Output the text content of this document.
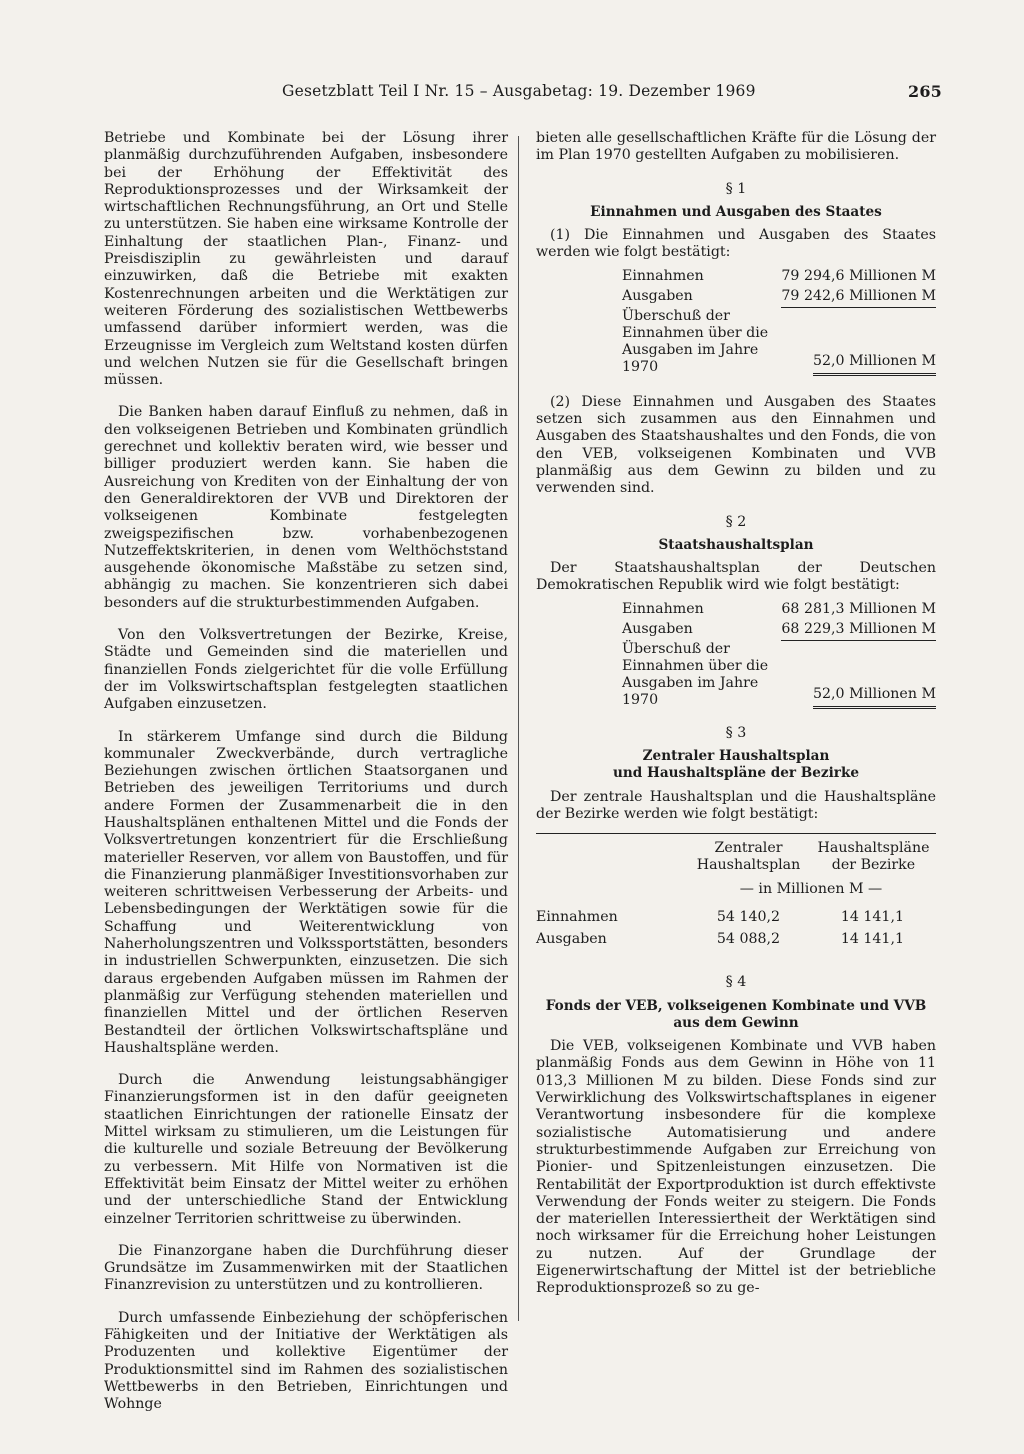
Gesetzblatt Teil I Nr. 15 – Ausgabetag: 19. Dezember 1969	265

Betriebe und Kombinate bei der Lösung ihrer planmäßig durchzuführenden Aufgaben, insbesondere bei der Erhöhung der Effektivität des Reproduktionsprozesses und der Wirksamkeit der wirtschaftlichen Rechnungsführung, an Ort und Stelle zu unterstützen. Sie haben eine wirksame Kontrolle der Einhaltung der staatlichen Plan-, Finanz- und Preisdisziplin zu gewährleisten und darauf einzuwirken, daß die Betriebe mit exakten Kostenrechnungen arbeiten und die Werktätigen zur weiteren Förderung des sozialistischen Wettbewerbs umfassend darüber informiert werden, was die Erzeugnisse im Vergleich zum Weltstand kosten dürfen und welchen Nutzen sie für die Gesellschaft bringen müssen.

Die Banken haben darauf Einfluß zu nehmen, daß in den volkseigenen Betrieben und Kombinaten gründlich gerechnet und kollektiv beraten wird, wie besser und billiger produziert werden kann. Sie haben die Ausreichung von Krediten von der Einhaltung der von den Generaldirektoren der VVB und Direktoren der volkseigenen Kombinate festgelegten zweigspezifischen bzw. vorhabenbezogenen Nutzeffektskriterien, in denen vom Welthöchststand ausgehende ökonomische Maßstäbe zu setzen sind, abhängig zu machen. Sie konzentrieren sich dabei besonders auf die strukturbestimmenden Aufgaben.

Von den Volksvertretungen der Bezirke, Kreise, Städte und Gemeinden sind die materiellen und finanziellen Fonds zielgerichtet für die volle Erfüllung der im Volkswirtschaftsplan festgelegten staatlichen Aufgaben einzusetzen.

In stärkerem Umfange sind durch die Bildung kommunaler Zweckverbände, durch vertragliche Beziehungen zwischen örtlichen Staatsorganen und Betrieben des jeweiligen Territoriums und durch andere Formen der Zusammenarbeit die in den Haushaltsplänen enthaltenen Mittel und die Fonds der Volksvertretungen konzentriert für die Erschließung materieller Reserven, vor allem von Baustoffen, und für die Finanzierung planmäßiger Investitionsvorhaben zur weiteren schrittweisen Verbesserung der Arbeits- und Lebensbedingungen der Werktätigen sowie für die Schaffung und Weiterentwicklung von Naherholungszentren und Volkssportstätten, besonders in industriellen Schwerpunkten, einzusetzen. Die sich daraus ergebenden Aufgaben müssen im Rahmen der planmäßig zur Verfügung stehenden materiellen und finanziellen Mittel und der örtlichen Reserven Bestandteil der örtlichen Volkswirtschaftspläne und Haushaltspläne werden.

Durch die Anwendung leistungsabhängiger Finanzierungsformen ist in den dafür geeigneten staatlichen Einrichtungen der rationelle Einsatz der Mittel wirksam zu stimulieren, um die Leistungen für die kulturelle und soziale Betreuung der Bevölkerung zu verbessern. Mit Hilfe von Normativen ist die Effektivität beim Einsatz der Mittel weiter zu erhöhen und der unterschiedliche Stand der Entwicklung einzelner Territorien schrittweise zu überwinden.

Die Finanzorgane haben die Durchführung dieser Grundsätze im Zusammenwirken mit der Staatlichen Finanzrevision zu unterstützen und zu kontrollieren.

Durch umfassende Einbeziehung der schöpferischen Fähigkeiten und der Initiative der Werktätigen als Produzenten und kollektive Eigentümer der Produktionsmittel sind im Rahmen des sozialistischen Wettbewerbs in den Betrieben, Einrichtungen und Wohnge

bieten alle gesellschaftlichen Kräfte für die Lösung der im Plan 1970 gestellten Aufgaben zu mobilisieren.

§ 1
Einnahmen und Ausgaben des Staates

(1) Die Einnahmen und Ausgaben des Staates werden wie folgt bestätigt:

Einnahmen	79 294,6 Millionen M
Ausgaben	79 242,6 Millionen M
Überschuß der Einnahmen über die Ausgaben im Jahre 1970	52,0 Millionen M

(2) Diese Einnahmen und Ausgaben des Staates setzen sich zusammen aus den Einnahmen und Ausgaben des Staatshaushaltes und den Fonds, die von den VEB, volkseigenen Kombinaten und VVB planmäßig aus dem Gewinn zu bilden und zu verwenden sind.

§ 2
Staatshaushaltsplan

Der Staatshaushaltsplan der Deutschen Demokratischen Republik wird wie folgt bestätigt:

Einnahmen	68 281,3 Millionen M
Ausgaben	68 229,3 Millionen M
Überschuß der Einnahmen über die Ausgaben im Jahre 1970	52,0 Millionen M
§ 3
Zentraler Haushaltsplan
und Haushaltspläne der Bezirke

Der zentrale Haushaltsplan und die Haushaltspläne der Bezirke werden wie folgt bestätigt:

	Zentraler Haushaltsplan	Haushaltspläne der Bezirke
	— in Millionen M —	
Einnahmen	54 140,2	14 141,1
Ausgaben	54 088,2	14 141,1
§ 4
Fonds der VEB, volkseigenen Kombinate und VVB aus dem Gewinn

Die VEB, volkseigenen Kombinate und VVB haben planmäßig Fonds aus dem Gewinn in Höhe von 11 013,3 Millionen M zu bilden. Diese Fonds sind zur Verwirklichung des Volkswirtschaftsplanes in eigener Verantwortung insbesondere für die komplexe sozialistische Automatisierung und andere strukturbestimmende Aufgaben zur Erreichung von Pionier- und Spitzenleistungen einzusetzen. Die Rentabilität der Exportproduktion ist durch effektivste Verwendung der Fonds weiter zu steigern. Die Fonds der materiellen Interessiertheit der Werktätigen sind noch wirksamer für die Erreichung hoher Leistungen zu nutzen. Auf der Grundlage der Eigenerwirtschaftung der Mittel ist der betriebliche Reproduktionsprozeß so zu ge-
